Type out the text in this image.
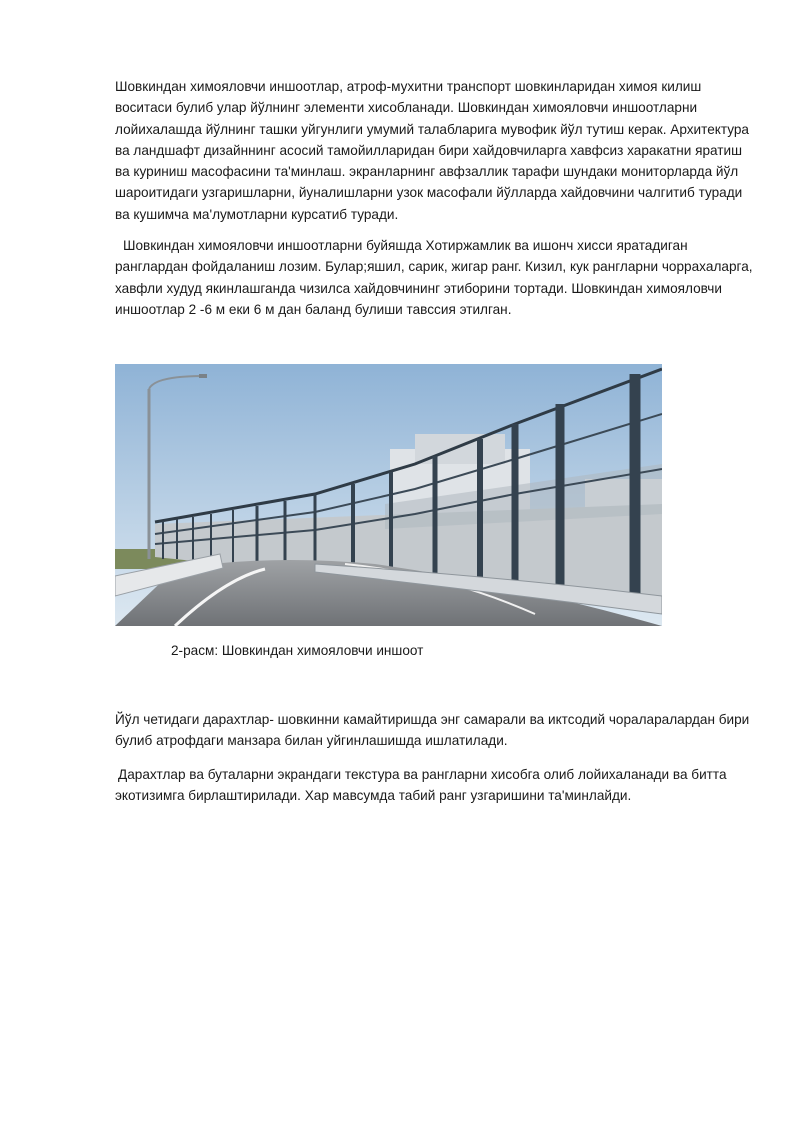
Шовкиндан химояловчи иншоотлар, атроф-мухитни транспорт шовкинларидан химоя килиш воситаси булиб улар йўлнинг элементи хисобланади. Шовкиндан химояловчи иншоотларни лойихалашда йўлнинг ташки уйгунлиги умумий талабларига мувофик йўл тутиш керак. Архитектура ва ландшафт дизайннинг асосий тамойилларидан бири хайдовчиларга хавфсиз харакатни яратиш ва куриниш масофасини та'минлаш. экранларнинг авфзаллик тарафи шундаки мониторларда йўл шароитидаги узгаришларни, йуналишларни узок масофали йўлларда хайдовчини чалгитиб туради ва кушимча ма'лумотларни курсатиб туради.

Шовкиндан химояловчи иншоотларни буйяшда Хотиржамлик ва ишонч хисси яратадиган ранглардан фойдаланиш лозим. Булар;яшил, сарик, жигар ранг. Кизил, кук рангларни чорраxаларга, хавфли худуд якинлашганда чизилса хайдовчининг этиборини тортади. Шовкиндан химояловчи иншоотлар 2 -6 м еки 6 м дан баланд булиши тавссия этилган.

2-расм: Шовкиндан химояловчи иншоот

Йўл четидаги дарахтлар- шовкинни камайтиришда энг самарали ва иктсодий чораларалардан бири булиб атрофдаги манзара билан уйгинлашишда ишлатилади.

Дарахтлар ва буталарни экрандаги текстура ва рангларни хисобга олиб лойихаланади ва битта экотизимга бирлаштирилади. Хар мавсумда табий ранг узгаришини та'минлайди.
